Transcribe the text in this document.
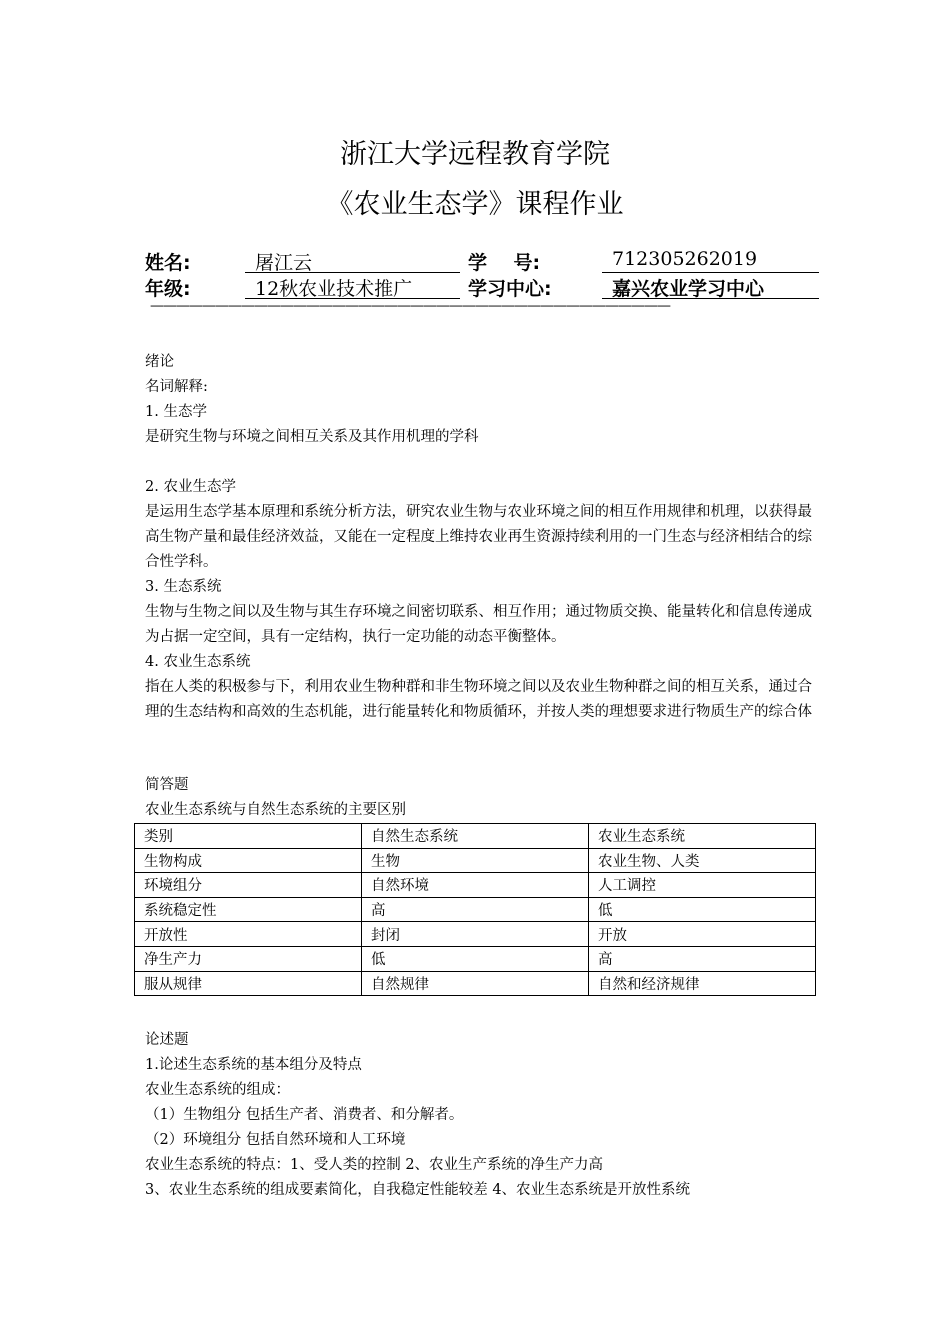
浙江大学远程教育学院
《农业生态学》课程作业
姓名:	屠江云	学    号:	712305262019
年级:	12秋农业技术推广	学习中心:	嘉兴农业学习中心
————————————————————————————————————————
绪论
名词解释:
1. 生态学
是研究生物与环境之间相互关系及其作用机理的学科
2. 农业生态学
是运用生态学基本原理和系统分析方法，研究农业生物与农业环境之间的相互作用规律和机理，以获得最高生物产量和最佳经济效益，又能在一定程度上维持农业再生资源持续利用的一门生态与经济相结合的综合性学科。
3. 生态系统
生物与生物之间以及生物与其生存环境之间密切联系、相互作用；通过物质交换、能量转化和信息传递成为占据一定空间，具有一定结构，执行一定功能的动态平衡整体。
4. 农业生态系统
指在人类的积极参与下，利用农业生物种群和非生物环境之间以及农业生物种群之间的相互关系，通过合理的生态结构和高效的生态机能，进行能量转化和物质循环，并按人类的理想要求进行物质生产的综合体
简答题
农业生态系统与自然生态系统的主要区别
类别	自然生态系统	农业生态系统
生物构成	生物	农业生物、人类
环境组分	自然环境	人工调控
系统稳定性	高	低
开放性	封闭	开放
净生产力	低	高
服从规律	自然规律	自然和经济规律
论述题
1.论述生态系统的基本组分及特点
农业生态系统的组成：
（1）生物组分 包括生产者、消费者、和分解者。
（2）环境组分 包括自然环境和人工环境
农业生态系统的特点：1、受人类的控制 2、农业生产系统的净生产力高
3、农业生态系统的组成要素简化，自我稳定性能较差 4、农业生态系统是开放性系统
